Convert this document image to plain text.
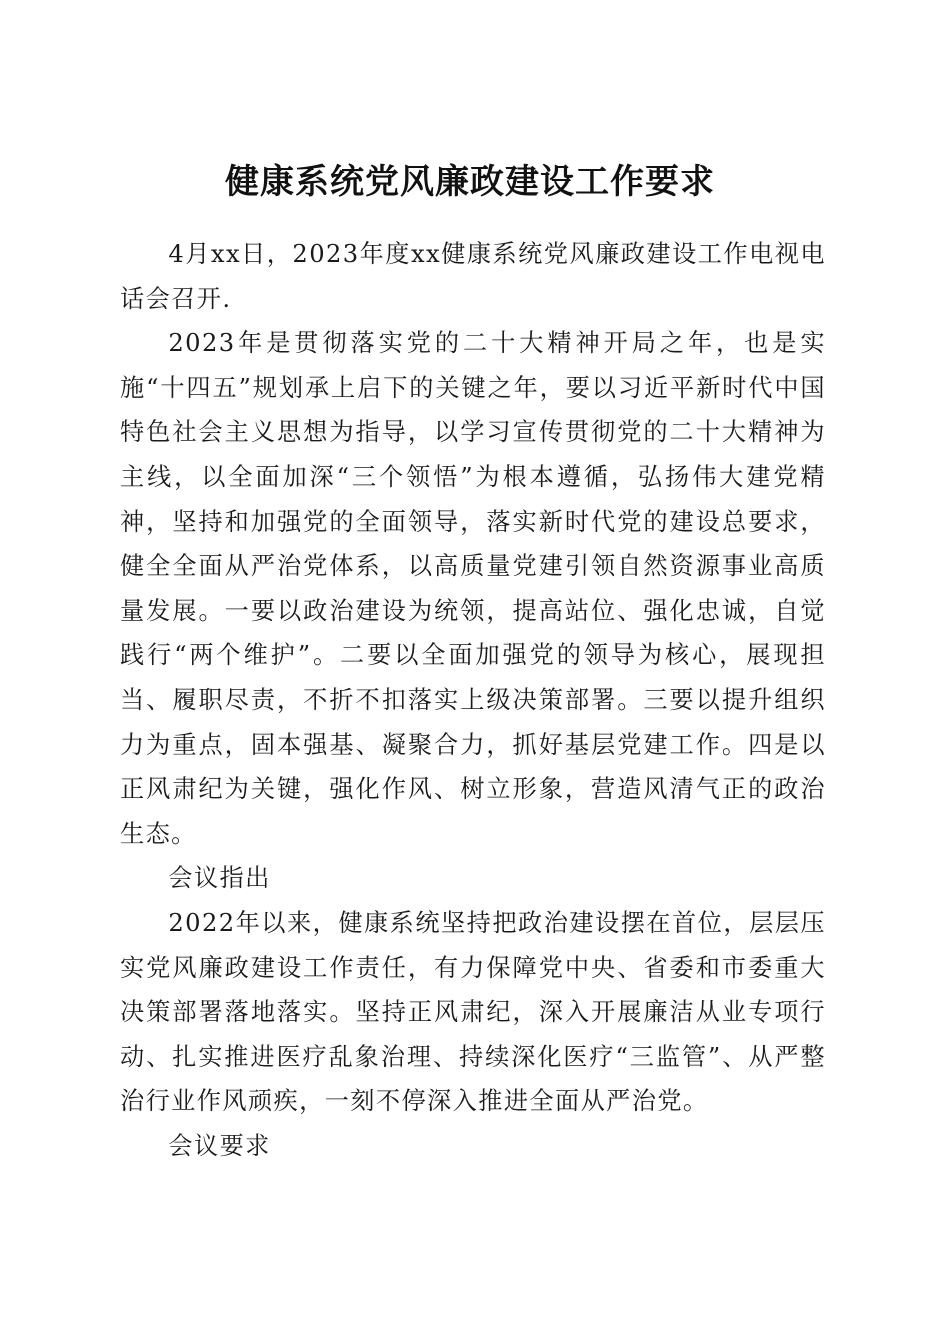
健康系统党风廉政建设工作要求

4月xx日，2023年度xx健康系统党风廉政建设工作电视电话会召开.

2023年是贯彻落实党的二十大精神开局之年，也是实施“十四五”规划承上启下的关键之年，要以习近平新时代中国特色社会主义思想为指导，以学习宣传贯彻党的二十大精神为主线，以全面加深“三个领悟”为根本遵循，弘扬伟大建党精神，坚持和加强党的全面领导，落实新时代党的建设总要求，健全全面从严治党体系，以高质量党建引领自然资源事业高质量发展。一要以政治建设为统领，提高站位、强化忠诚，自觉践行“两个维护”。二要以全面加强党的领导为核心，展现担当、履职尽责，不折不扣落实上级决策部署。三要以提升组织力为重点，固本强基、凝聚合力，抓好基层党建工作。四是以正风肃纪为关键，强化作风、树立形象，营造风清气正的政治生态。

会议指出

2022年以来，健康系统坚持把政治建设摆在首位，层层压实党风廉政建设工作责任，有力保障党中央、省委和市委重大决策部署落地落实。坚持正风肃纪，深入开展廉洁从业专项行动、扎实推进医疗乱象治理、持续深化医疗“三监管”、从严整治行业作风顽疾，一刻不停深入推进全面从严治党。

会议要求
